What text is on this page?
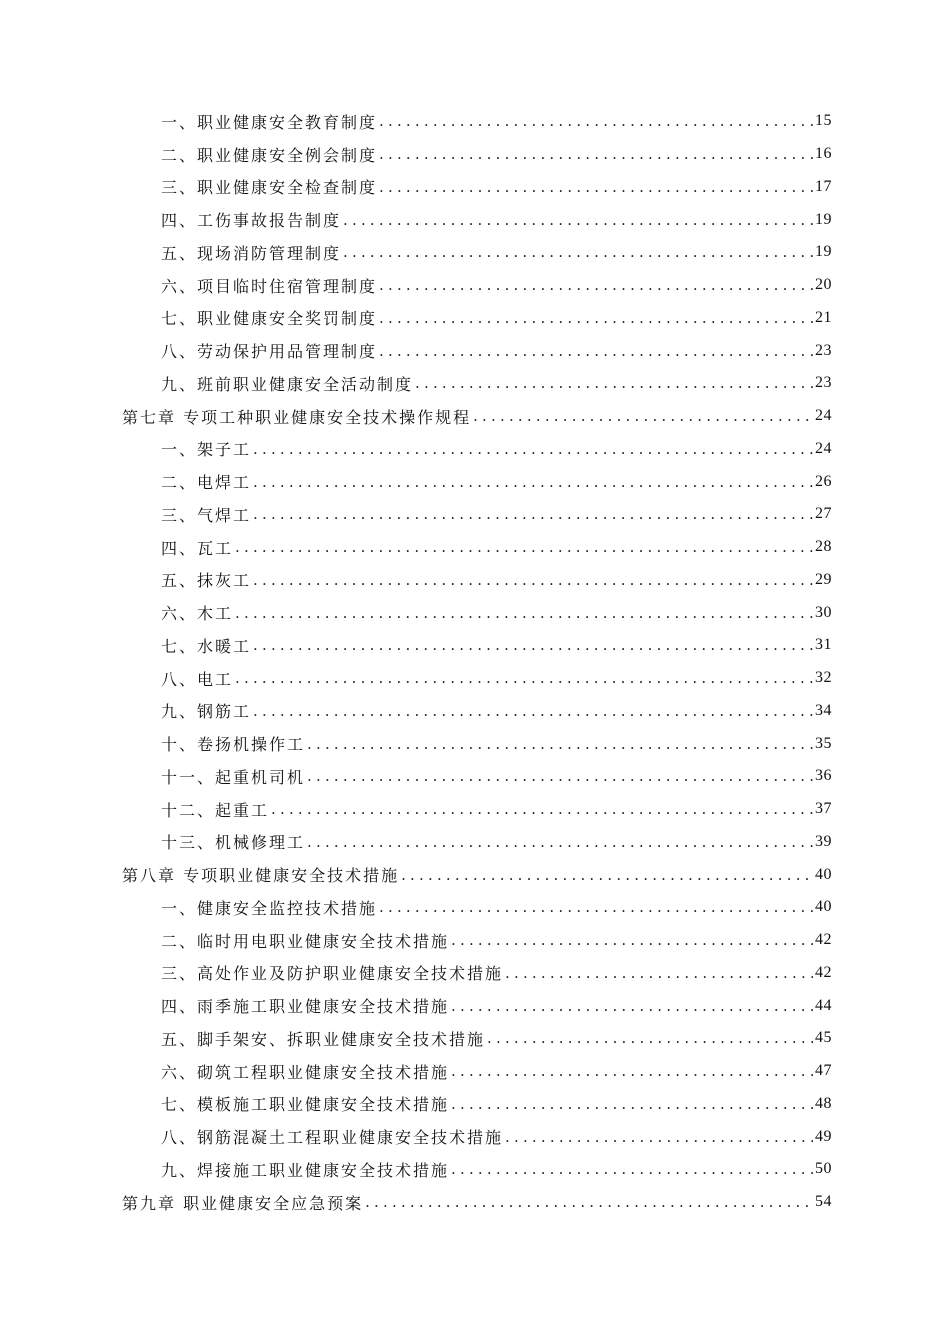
一、职业健康安全教育制度 .....	15
二、职业健康安全例会制度 .....	16
三、职业健康安全检查制度 .....	17
四、工伤事故报告制度 .....	19
五、现场消防管理制度 .....	19
六、项目临时住宿管理制度 .....	20
七、职业健康安全奖罚制度 .....	21
八、劳动保护用品管理制度 .....	23
九、班前职业健康安全活动制度 .....	23
第七章 专项工种职业健康安全技术操作规程 .....	24
一、架子工 .....	24
二、电焊工 .....	26
三、气焊工 .....	27
四、瓦工 .....	28
五、抹灰工 .....	29
六、木工 .....	30
七、水暖工 .....	31
八、电工 .....	32
九、钢筋工 .....	34
十、卷扬机操作工 .....	35
十一、起重机司机 .....	36
十二、起重工 .....	37
十三、机械修理工 .....	39
第八章 专项职业健康安全技术措施 .....	40
一、健康安全监控技术措施 .....	40
二、临时用电职业健康安全技术措施 .....	42
三、高处作业及防护职业健康安全技术措施 .....	42
四、雨季施工职业健康安全技术措施 .....	44
五、脚手架安、拆职业健康安全技术措施 .....	45
六、砌筑工程职业健康安全技术措施 .....	47
七、模板施工职业健康安全技术措施 .....	48
八、钢筋混凝土工程职业健康安全技术措施 .....	49
九、焊接施工职业健康安全技术措施 .....	50
第九章 职业健康安全应急预案 .....	54
